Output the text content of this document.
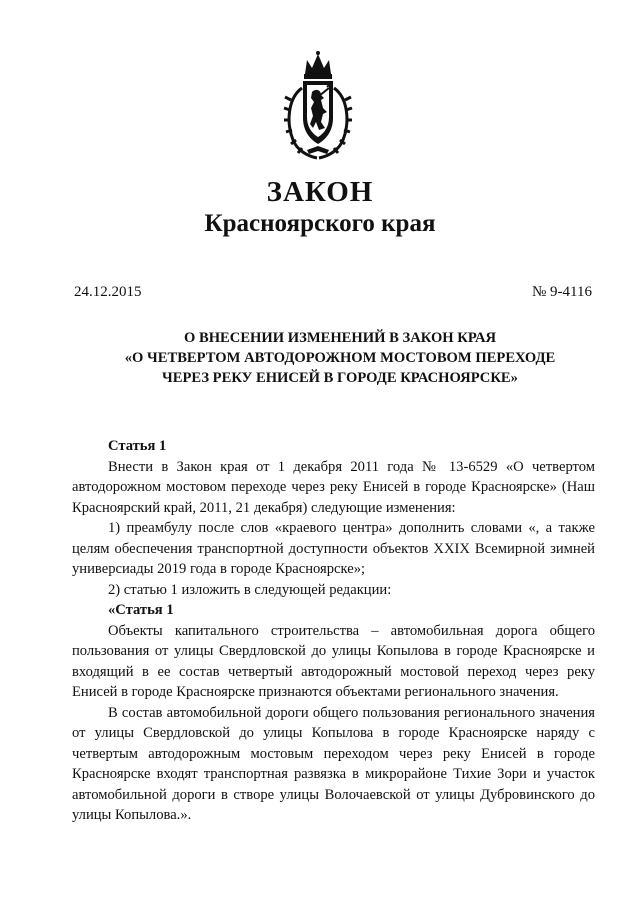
ЗАКОН
Красноярского края
24.12.2015	№ 9-4116
О ВНЕСЕНИИ ИЗМЕНЕНИЙ В ЗАКОН КРАЯ
«О ЧЕТВЕРТОМ АВТОДОРОЖНОМ МОСТОВОМ ПЕРЕХОДЕ
ЧЕРЕЗ РЕКУ ЕНИСЕЙ В ГОРОДЕ КРАСНОЯРСКЕ»

Статья 1

Внести в Закон края от 1 декабря 2011 года № 13-6529 «О четвертом автодорожном мостовом переходе через реку Енисей в городе Красноярске» (Наш Красноярский край, 2011, 21 декабря) следующие изменения:

1) преамбулу после слов «краевого центра» дополнить словами «, а также целям обеспечения транспортной доступности объектов XXIX Всемирной зимней универсиады 2019 года в городе Красноярске»;

2) статью 1 изложить в следующей редакции:

«Статья 1

Объекты капитального строительства – автомобильная дорога общего пользования от улицы Свердловской до улицы Копылова в городе Красноярске и входящий в ее состав четвертый автодорожный мостовой переход через реку Енисей в городе Красноярске признаются объектами регионального значения.

В состав автомобильной дороги общего пользования регионального значения от улицы Свердловской до улицы Копылова в городе Красноярске наряду с четвертым автодорожным мостовым переходом через реку Енисей в городе Красноярске входят транспортная развязка в микрорайоне Тихие Зори и участок автомобильной дороги в створе улицы Волочаевской от улицы Дубровинского до улицы Копылова.».
